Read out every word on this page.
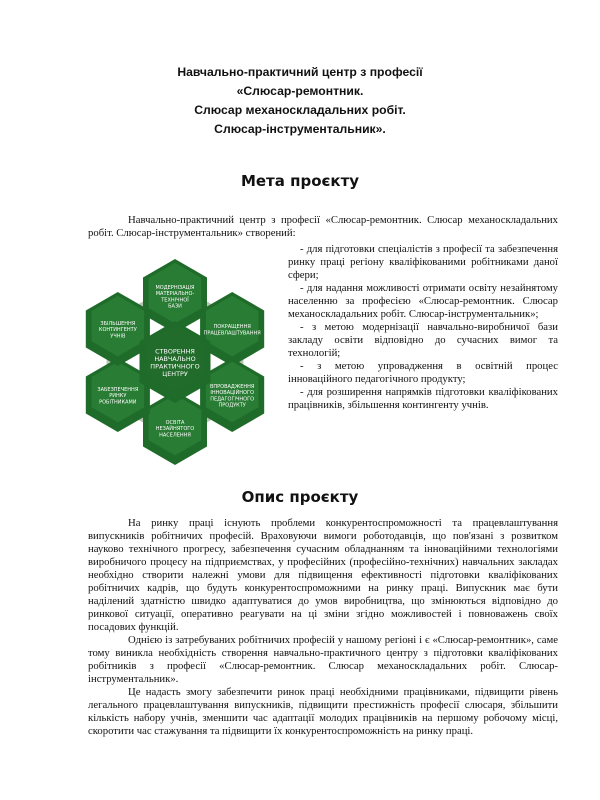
Навчально-практичний центр з професії
«Слюсар-ремонтник.
Слюсар механоскладальних робіт.
Слюсар-інструментальник».
Мета проєкту

Навчально-практичний центр з професії «Слюсар-ремонтник. Слюсар механоскладальних робіт. Слюсар-інструментальник» створений:

МОДЕРНІЗАЦІЯ
МАТЕРІАЛЬНО-
ТЕХНІЧНОЇ
БАЗИ
ПОКРАЩЕННЯ
ПРАЦЕВЛАШТУВАННЯ
ВПРОВАДЖЕННЯ
ІННОВАЦІЙНОГО
ПЕДАГОГІЧНОГО
ПРОДУКТУ
ОСВІТА
НЕЗАЙНЯТОГО
НАСЕЛЕННЯ
ЗАБЕЗПЕЧЕННЯ
РИНКУ
РОБІТНИКАМИ
ЗБІЛЬШЕННЯ
КОНТИНГЕНТУ
УЧНІВ
СТВОРЕННЯ
НАВЧАЛЬНО
ПРАКТИЧНОГО
ЦЕНТРУ
- для підготовки спеціалістів з професії та забезпечення ринку праці регіону кваліфікованими робітниками даної сфери;
- для надання можливості отримати освіту незайнятому населенню за професією «Слюсар-ремонтник. Слюсар механоскладальних робіт. Слюсар-інструментальник»;
- з метою модернізації навчально-виробничої бази закладу освіти відповідно до сучасних вимог та технологій;
- з метою упровадження в освітній процес інноваційного педагогічного продукту;
- для розширення напрямків підготовки кваліфікованих працівників, збільшення контингенту учнів.
Опис проєкту

На ринку праці існують проблеми конкурентоспроможності та працевлаштування випускників робітничих професій. Враховуючи вимоги роботодавців, що пов'язані з розвитком науково технічного прогресу, забезпечення сучасним обладнанням та інноваційними технологіями виробничого процесу на підприємствах, у професійних (професійно-технічних) навчальних закладах необхідно створити належні умови для підвищення ефективності підготовки кваліфікованих робітничих кадрів, що будуть конкурентоспроможними на ринку праці. Випускник має бути наділений здатністю швидко адаптуватися до умов виробництва, що змінюються відповідно до ринкової ситуації, оперативно реагувати на ці зміни згідно можливостей і повноважень своїх посадових функцій.

Однією із затребуваних робітничих професій у нашому регіоні і є «Слюсар-ремонтник», саме тому виникла необхідність створення навчально-практичного центру з підготовки кваліфікованих робітників з професії «Слюсар-ремонтник. Слюсар механоскладальних робіт. Слюсар-інструментальник».

Це надасть змогу забезпечити ринок праці необхідними працівниками, підвищити рівень легального працевлаштування випускників, підвищити престижність професії слюсаря, збільшити кількість набору учнів, зменшити час адаптації молодих працівників на першому робочому місці, скоротити час стажування та підвищити їх конкурентоспроможність на ринку праці.
